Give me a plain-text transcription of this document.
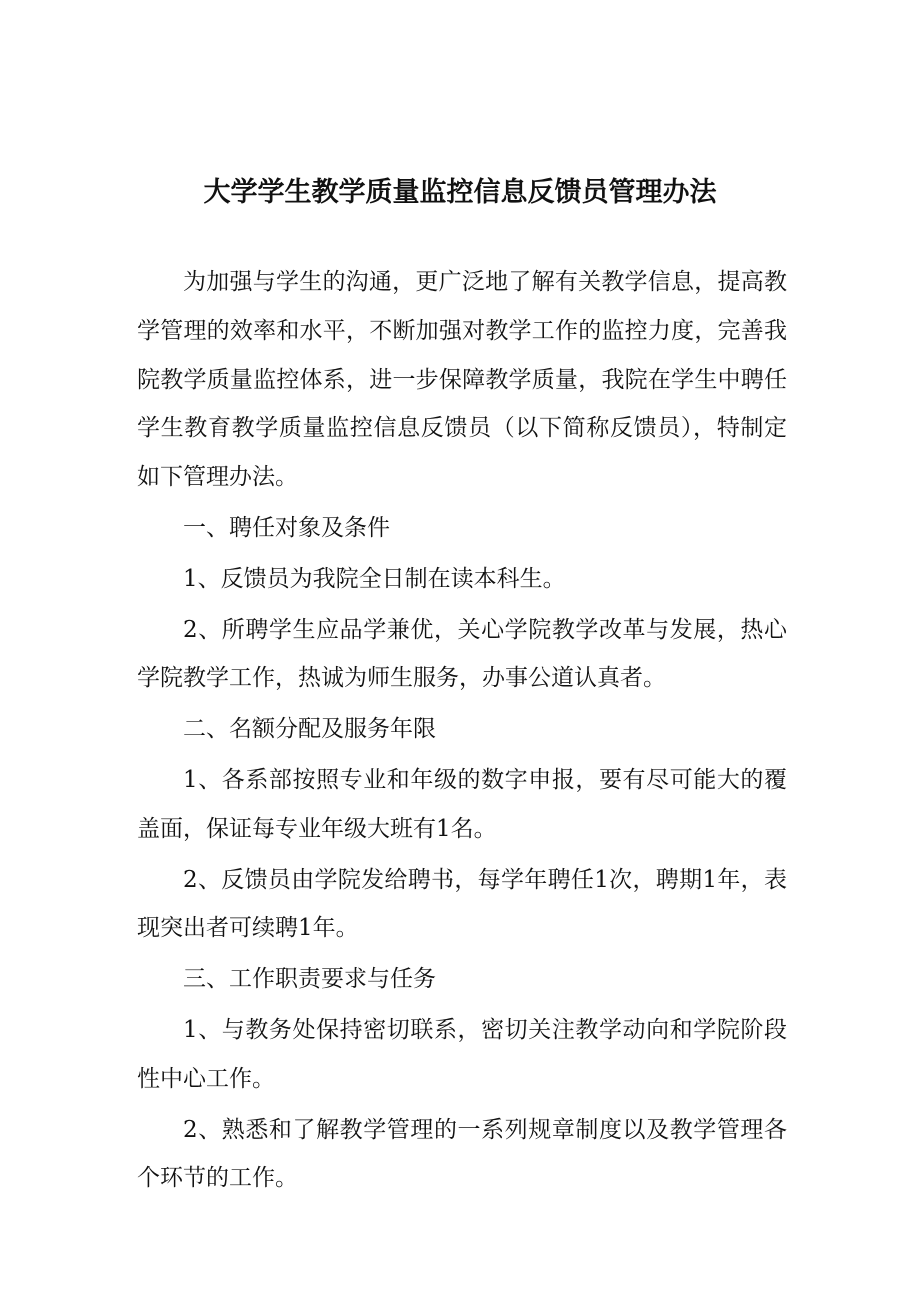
大学学生教学质量监控信息反馈员管理办法

为加强与学生的沟通，更广泛地了解有关教学信息，提高教学管理的效率和水平，不断加强对教学工作的监控力度，完善我院教学质量监控体系，进一步保障教学质量，我院在学生中聘任学生教育教学质量监控信息反馈员（以下简称反馈员），特制定如下管理办法。

一、聘任对象及条件

1、反馈员为我院全日制在读本科生。

2、所聘学生应品学兼优，关心学院教学改革与发展，热心学院教学工作，热诚为师生服务，办事公道认真者。

二、名额分配及服务年限

1、各系部按照专业和年级的数字申报，要有尽可能大的覆盖面，保证每专业年级大班有1名。

2、反馈员由学院发给聘书，每学年聘任1次，聘期1年，表现突出者可续聘1年。

三、工作职责要求与任务

1、与教务处保持密切联系，密切关注教学动向和学院阶段性中心工作。

2、熟悉和了解教学管理的一系列规章制度以及教学管理各个环节的工作。
